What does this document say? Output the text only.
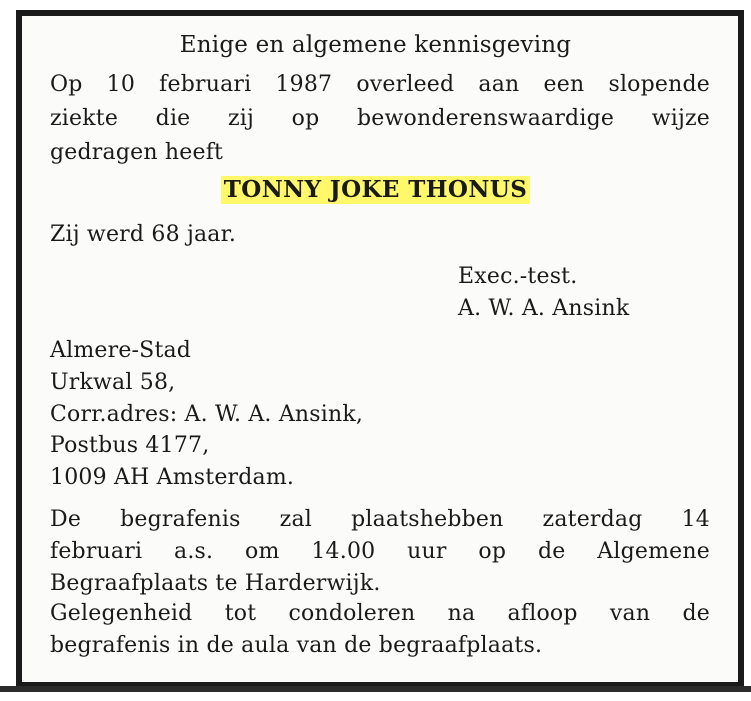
Enige en algemene kennisgeving
Op 10 februari 1987 overleed aan een slopende
ziekte die zij op bewonderenswaardige wijze
gedragen heeft
TONNY JOKE THONUS
Zij werd 68 jaar.
Exec.-test.
A. W. A. Ansink
Almere-Stad
Urkwal 58,
Corr.adres: A. W. A. Ansink,
Postbus 4177,
1009 AH Amsterdam.
De begrafenis zal plaatshebben zaterdag 14
februari a.s. om 14.00 uur op de Algemene
Begraafplaats te Harderwijk.
Gelegenheid tot condoleren na afloop van de
begrafenis in de aula van de begraafplaats.
